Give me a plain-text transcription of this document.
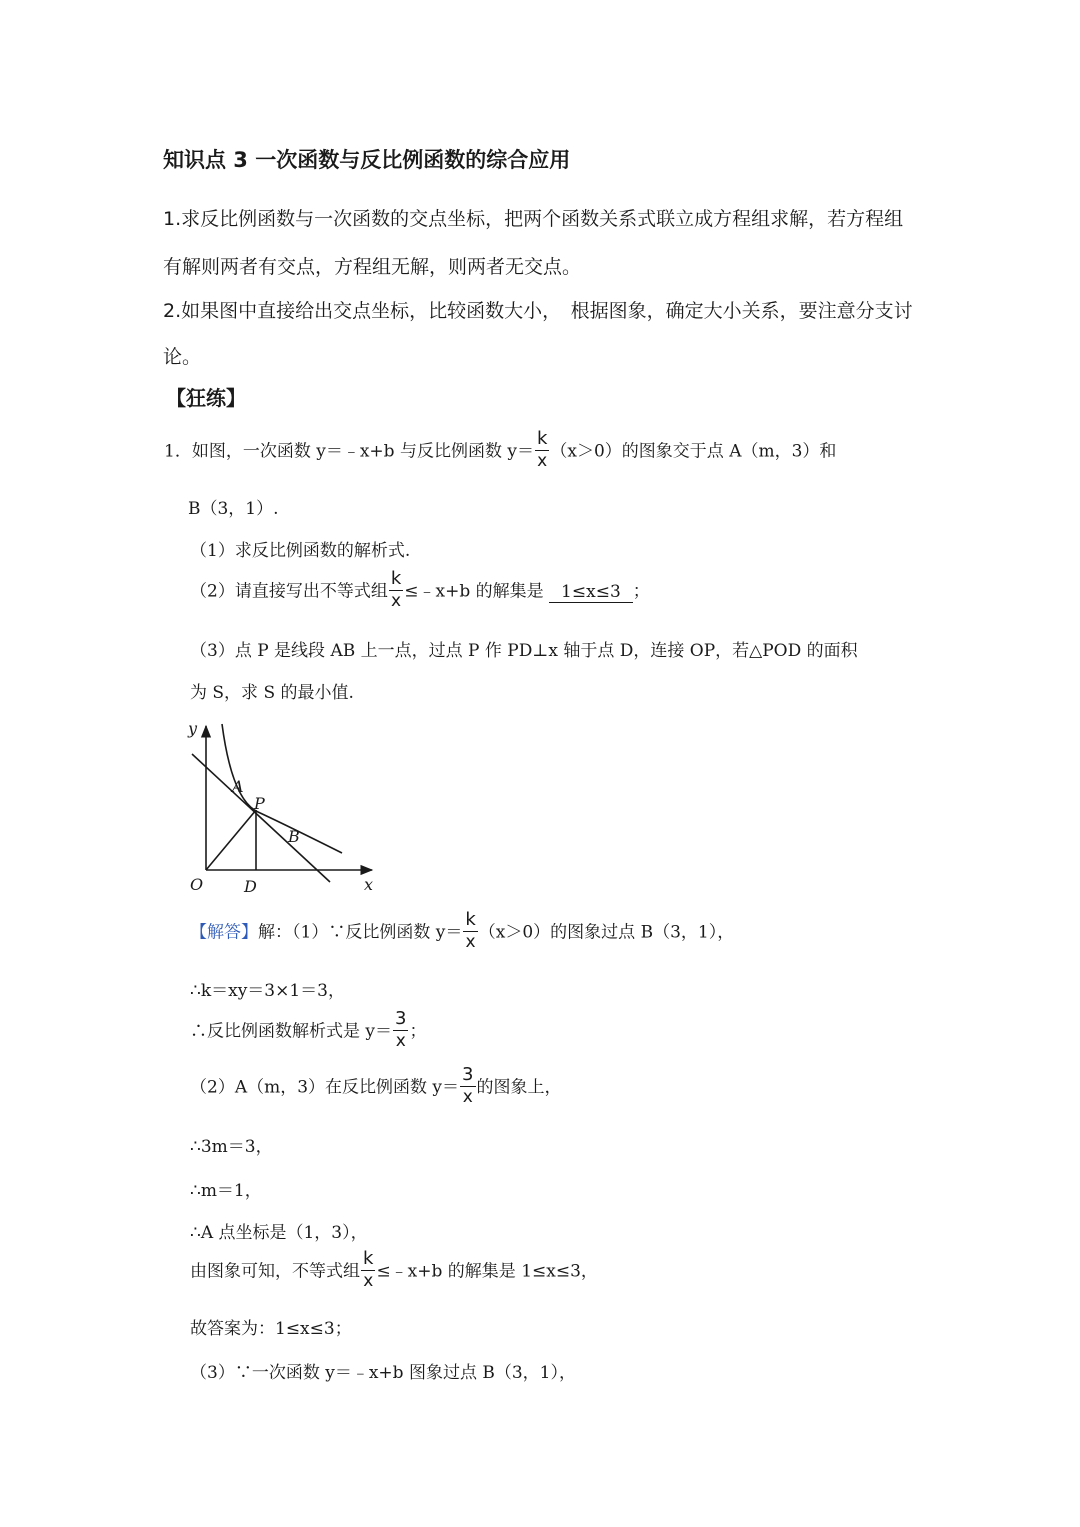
知识点 3 一次函数与反比例函数的综合应用
1.求反比例函数与一次函数的交点坐标，把两个函数关系式联立成方程组求解，若方程组
有解则两者有交点，方程组无解，则两者无交点。
2.如果图中直接给出交点坐标，比较函数大小，　根据图象，确定大小关系，要注意分支讨
论。
【狂练】
1．如图，一次函数 y＝﹣x+b 与反比例函数 $y= \frac{k}{x} (x>0)$的图象交于点 A（m，3）和
B（3，1）.
（1）求反比例函数的解析式.
（2）请直接写出不等式组 $\frac{k}{x}$ ≤﹣x+b 的解集是 1≤x≤3 ；
（3）点 P 是线段 AB 上一点，过点 P 作 PD⊥x 轴于点 D，连接 OP，若△POD 的面积
为 S，求 S 的最小值.
y
x
O	D
A
P
B
【解答】解：（1）∵反比例函数 $y= \frac{k}{x} (x>0)$的图象过点 B（3，1），
∴k＝xy＝3×1＝3，
∴反比例函数解析式是 $y= \frac{3}{x}$ ；
（2）A（m，3）在反比例函数 $y= \frac{3}{x}$ 的图象上，
∴3m＝3，
∴m＝1，
∴A 点坐标是（1，3），
由图象可知，不等式组 $\frac{k}{x}$ ≤﹣x+b 的解集是 1≤x≤3，
故答案为：1≤x≤3；
（3）∵一次函数 y＝﹣x+b 图象过点 B（3，1），
